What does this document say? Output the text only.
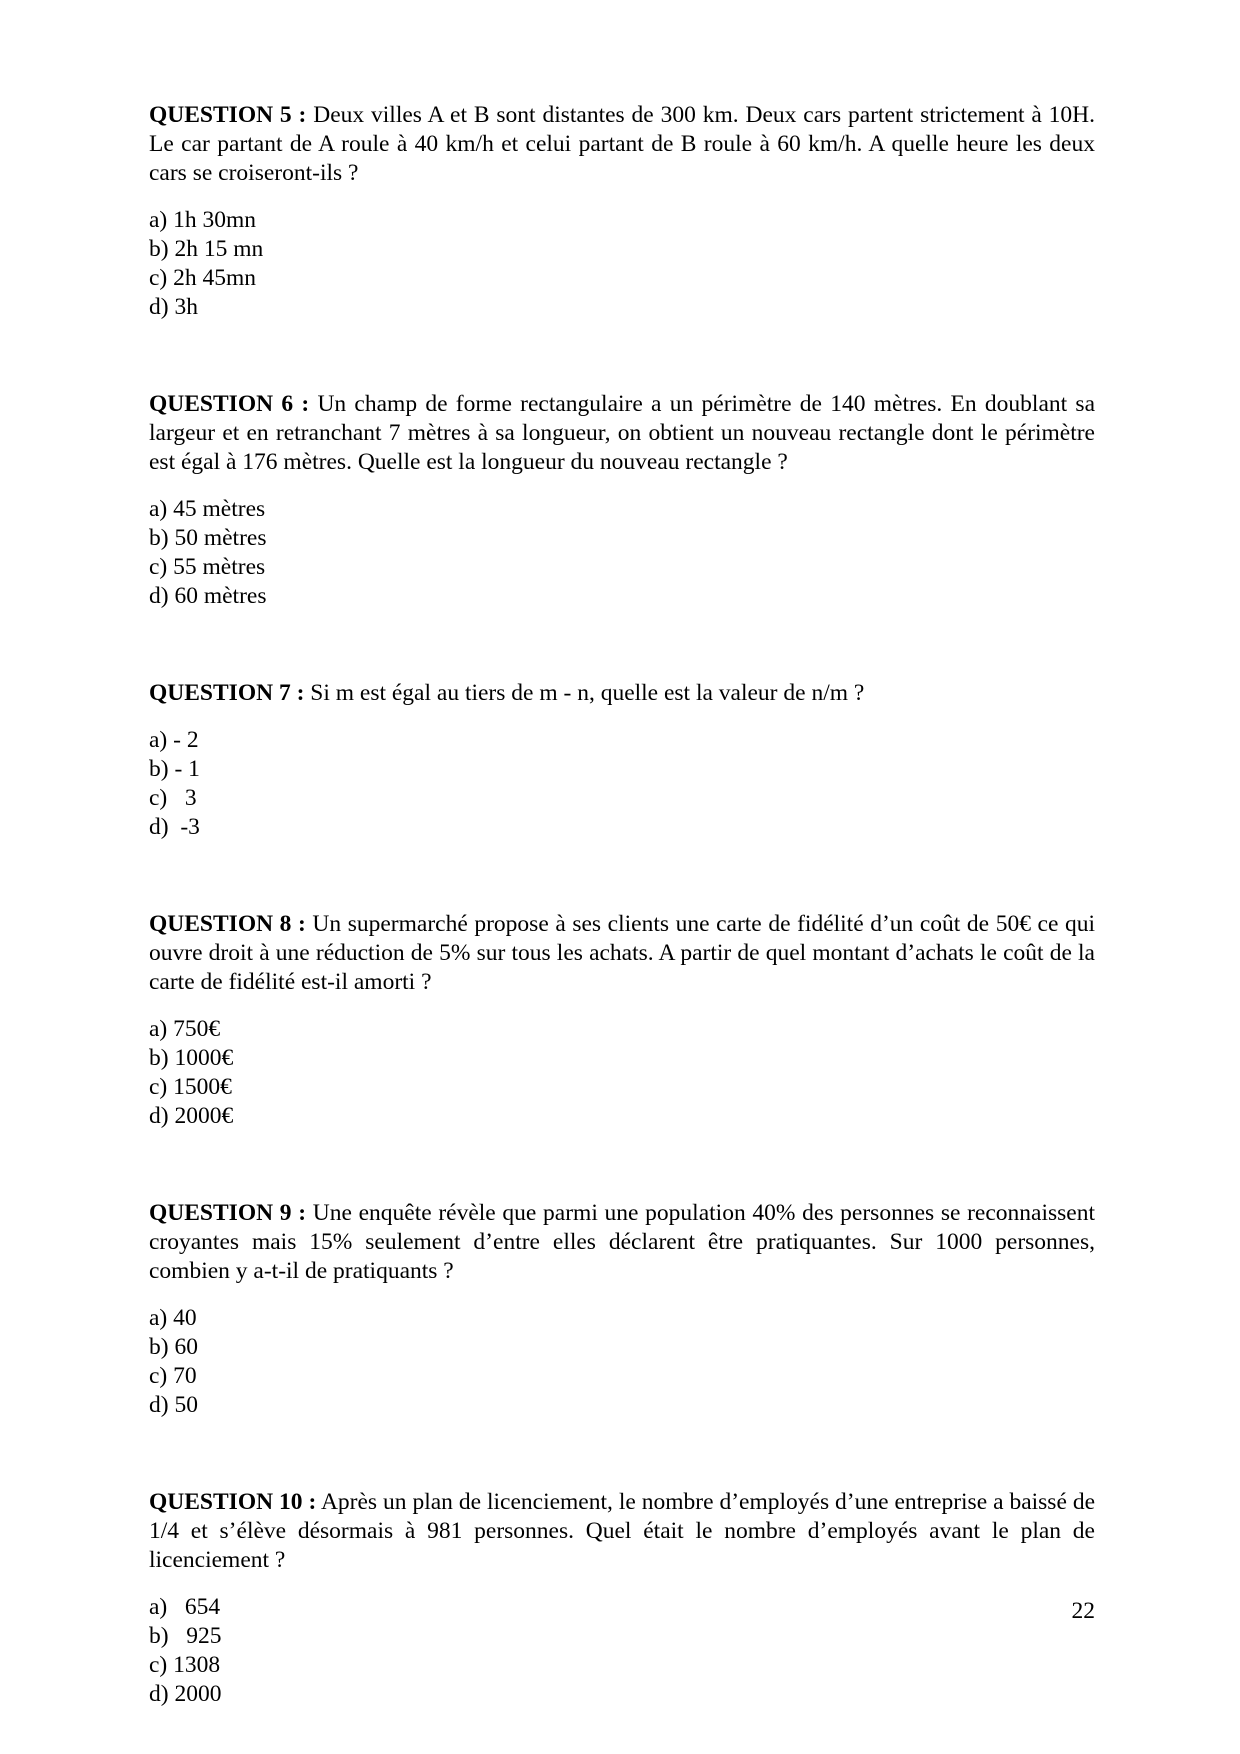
QUESTION 5 : Deux villes A et B sont distantes de 300 km. Deux cars partent strictement à 10H. Le car partant de A roule à 40 km/h et celui partant de B roule à 60 km/h. A quelle heure les deux cars se croiseront-ils ?

a) 1h 30mn
b) 2h 15 mn
c) 2h 45mn
d) 3h

QUESTION 6 : Un champ de forme rectangulaire a un périmètre de 140 mètres. En doublant sa largeur et en retranchant 7 mètres à sa longueur, on obtient un nouveau rectangle dont le périmètre est égal à 176 mètres. Quelle est la longueur du nouveau rectangle ?

a) 45 mètres
b) 50 mètres
c) 55 mètres
d) 60 mètres

QUESTION 7 : Si m est égal au tiers de m - n, quelle est la valeur de n/m ?

a) - 2
b) - 1
c)   3
d)  -3

QUESTION 8 : Un supermarché propose à ses clients une carte de fidélité d’un coût de 50€ ce qui ouvre droit à une réduction de 5% sur tous les achats. A partir de quel montant d’achats le coût de la carte de fidélité est-il amorti ?

a) 750€
b) 1000€
c) 1500€
d) 2000€

QUESTION 9 : Une enquête révèle que parmi une population 40% des personnes se reconnaissent croyantes mais 15% seulement d’entre elles déclarent être pratiquantes. Sur 1000 personnes, combien y a-t-il de pratiquants ?

a) 40
b) 60
c) 70
d) 50

QUESTION 10 : Après un plan de licenciement, le nombre d’employés d’une entreprise a baissé de 1/4 et s’élève désormais à 981 personnes. Quel était le nombre d’employés avant le plan de licenciement ?

a)   654
b)   925
c) 1308
d) 2000
22
